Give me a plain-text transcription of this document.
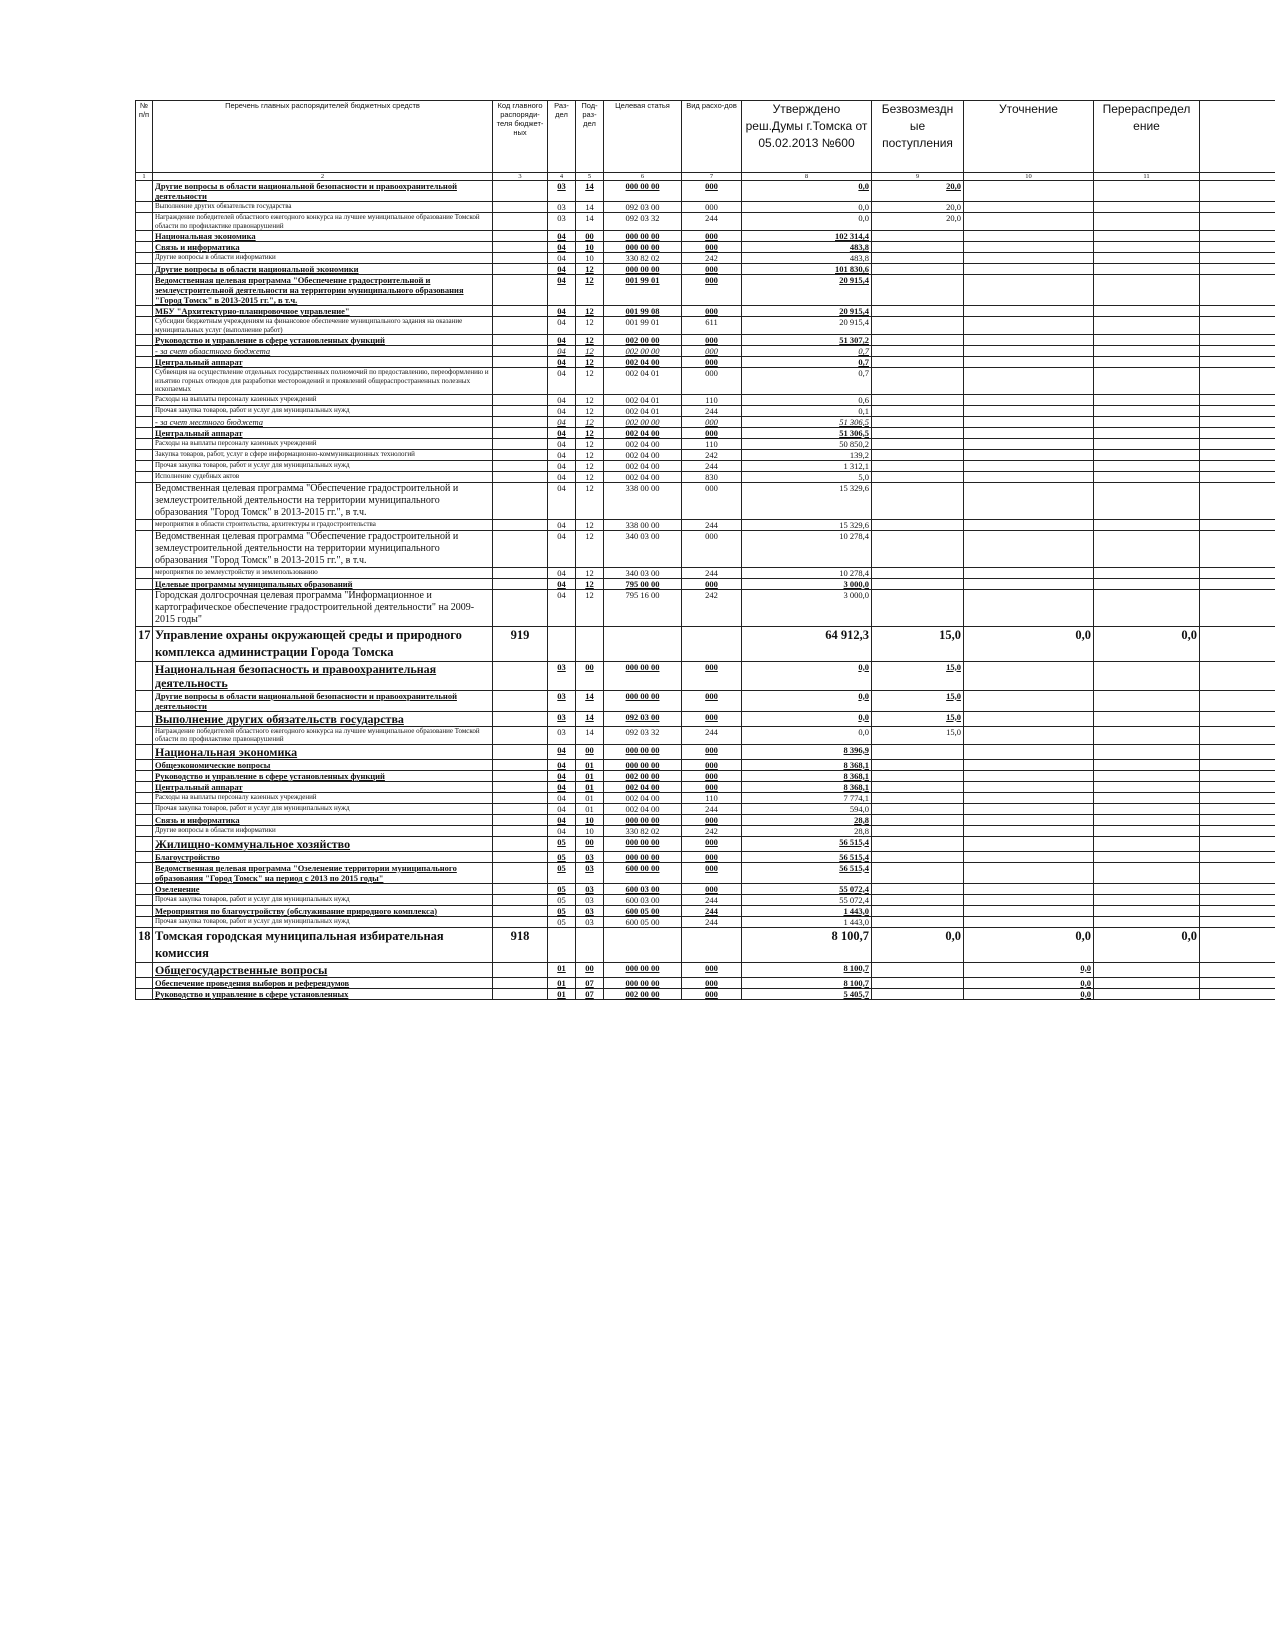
№ п/п	Перечень главных распорядителей бюджетных средств	Код главного распоряди-теля бюджет-ных	Раз-дел	Под-раз-дел	Целевая статья	Вид расхо-дов	Утверждено реш.Думы г.Томска от 05.02.2013 №600	Безвозмездн ые поступления	Уточнение	Перераспредел ение	
1	2	3	4	5	6	7	8	9	10	11	
	Другие вопросы в области национальной безопасности и правоохранительной деятельности		03	14	000 00 00	000	0,0	20,0			
	Выполнение других обязательств государства		03	14	092 03 00	000	0,0	20,0			
	Награждение победителей областного ежегодного конкурса на лучшее муниципальное образование Томской области по профилактике правонарушений		03	14	092 03 32	244	0,0	20,0			
	Национальная экономика		04	00	000 00 00	000	102 314,4				
	Связь и информатика		04	10	000 00 00	000	483,8				
	Другие вопросы в области информатики		04	10	330 82 02	242	483,8				
	Другие вопросы в области национальной экономики		04	12	000 00 00	000	101 830,6				
	Ведомственная целевая программа "Обеспечение градостроительной и землеустроительной деятельности на территории муниципального образования "Город Томск" в 2013-2015 гг.", в т.ч.		04	12	001 99 01	000	20 915,4				
	МБУ "Архитектурно-планировочное управление"		04	12	001 99 08	000	20 915,4				
	Субсидии бюджетным учреждениям на финансовое обеспечение муниципального задания на оказание муниципальных услуг (выполнение работ)		04	12	001 99 01	611	20 915,4				
	Руководство и управление в сфере установленных функций		04	12	002 00 00	000	51 307,2				
	- за счет областного бюджета		04	12	002 00 00	000	0,7				
	Центральный аппарат		04	12	002 04 00	000	0,7				
	Субвенция на осуществление отдельных государственных полномочий по предоставлению, переоформлению и изъятию горных отводов для разработки месторождений и проявлений общераспространенных полезных ископаемых		04	12	002 04 01	000	0,7				
	Расходы на выплаты персоналу казенных учреждений		04	12	002 04 01	110	0,6				
	Прочая закупка товаров, работ и услуг для муниципальных нужд		04	12	002 04 01	244	0,1				
	- за счет местного бюджета		04	12	002 00 00	000	51 306,5				
	Центральный аппарат		04	12	002 04 00	000	51 306,5				
	Расходы на выплаты персоналу казенных учреждений		04	12	002 04 00	110	50 850,2				
	Закупка товаров, работ, услуг в сфере информационно-коммуникационных технологий		04	12	002 04 00	242	139,2				
	Прочая закупка товаров, работ и услуг для муниципальных нужд		04	12	002 04 00	244	1 312,1				
	Исполнение судебных актов		04	12	002 04 00	830	5,0				
	Ведомственная целевая программа "Обеспечение градостроительной и землеустроительной деятельности на территории муниципального образования "Город Томск" в 2013-2015 гг.", в т.ч.		04	12	338 00 00	000	15 329,6				
	мероприятия в области строительства, архитектуры и градостроительства		04	12	338 00 00	244	15 329,6				
	Ведомственная целевая программа "Обеспечение градостроительной и землеустроительной деятельности на территории муниципального образования "Город Томск" в 2013-2015 гг.", в т.ч.		04	12	340 03 00	000	10 278,4				
	мероприятия по землеустройству и землепользованию		04	12	340 03 00	244	10 278,4				
	Целевые программы муниципальных образований		04	12	795 00 00	000	3 000,0				
	Городская долгосрочная целевая программа "Информационное и картографическое обеспечение градостроительной деятельности" на 2009-2015 годы"		04	12	795 16 00	242	3 000,0				
17	Управление охраны окружающей среды и природного комплекса администрации Города Томска	919					64 912,3	15,0	0,0	0,0	
	Национальная безопасность и правоохранительная деятельность		03	00	000 00 00	000	0,0	15,0			
	Другие вопросы в области национальной безопасности и правоохранительной деятельности		03	14	000 00 00	000	0,0	15,0			
	Выполнение других обязательств государства		03	14	092 03 00	000	0,0	15,0			
	Награждение победителей областного ежегодного конкурса на лучшее муниципальное образование Томской области по профилактике правонарушений		03	14	092 03 32	244	0,0	15,0			
	Национальная экономика		04	00	000 00 00	000	8 396,9				
	Общеэкономические вопросы		04	01	000 00 00	000	8 368,1				
	Руководство и управление в сфере установленных функций		04	01	002 00 00	000	8 368,1				
	Центральный аппарат		04	01	002 04 00	000	8 368,1				
	Расходы на выплаты персоналу казенных учреждений		04	01	002 04 00	110	7 774,1				
	Прочая закупка товаров, работ и услуг для муниципальных нужд		04	01	002 04 00	244	594,0				
	Связь и информатика		04	10	000 00 00	000	28,8				
	Другие вопросы в области информатики		04	10	330 82 02	242	28,8				
	Жилищно-коммунальное хозяйство		05	00	000 00 00	000	56 515,4				
	Благоустройство		05	03	000 00 00	000	56 515,4				
	Ведомственная целевая программа "Озеленение территории муниципального образования "Город Томск" на период с 2013 по 2015 годы"		05	03	600 00 00	000	56 515,4				
	Озеленение		05	03	600 03 00	000	55 072,4				
	Прочая закупка товаров, работ и услуг для муниципальных нужд		05	03	600 03 00	244	55 072,4				
	Мероприятия по благоустройству (обслуживание природного комплекса)		05	03	600 05 00	244	1 443,0				
	Прочая закупка товаров, работ и услуг для муниципальных нужд		05	03	600 05 00	244	1 443,0				
18	Томская городская муниципальная избирательная комиссия	918					8 100,7	0,0	0,0	0,0	
	Общегосударственные вопросы		01	00	000 00 00	000	8 100,7		0,0		
	Обеспечение проведения выборов и референдумов		01	07	000 00 00	000	8 100,7		0,0		
	Руководство и управление в сфере установленных		01	07	002 00 00	000	5 405,7		0,0		
